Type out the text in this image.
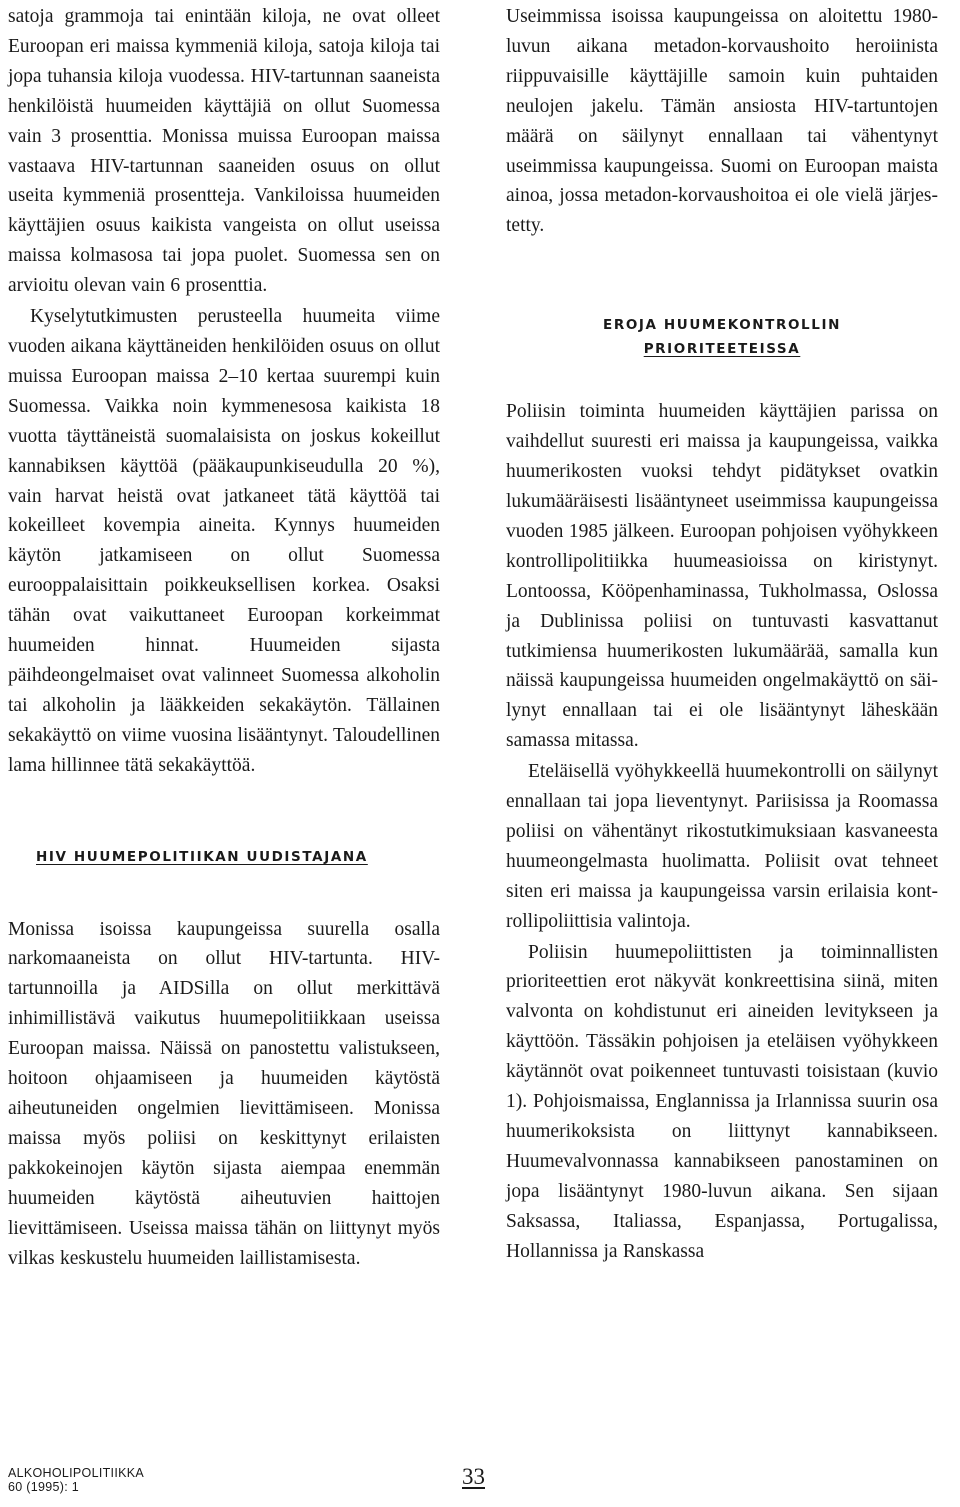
satoja grammoja tai enintään kiloja, ne ovat olleet Euroopan eri maissa kymmeniä kiloja, satoja kiloja tai jopa tuhansia kiloja vuodessa. HIV-tartunnan saaneista henkilöistä huumeiden käyttäjiä on ollut Suomessa vain 3 prosenttia. Monissa muissa Euroopan maissa vastaava HIV-tartunnan saaneiden osuus on ollut useita kymmeniä prosentteja. Vankiloissa huumeiden käyttäjien osuus kaikista vangeista on ollut useissa maissa kolmasosa tai jopa puolet. Suomessa sen on arvioitu olevan vain 6 prosenttia.

Kyselytutkimusten perusteella huumeita viime vuoden aikana käyttäneiden henkilöiden osuus on ollut muissa Euroopan maissa 2–10 kertaa suurempi kuin Suomessa. Vaikka noin kymmenesosa kaikista 18 vuotta täyttäneistä suomalaisista on joskus kokeillut kannabiksen käyttöä (pääkaupunkiseudulla 20 %), vain harvat heistä ovat jatkaneet tätä käyttöä tai kokeilleet kovempia aineita. Kynnys huumeiden käytön jatkamiseen on ollut Suomessa eurooppalaisittain poikkeuksellisen korkea. Osaksi tähän ovat vaikuttaneet Euroopan korkeimmat huumeiden hinnat. Huumeiden sijasta päihdeongelmaiset ovat valinneet Suomessa alkoholin tai alkoholin ja lääkkeiden sekakäytön. Tällainen sekakäyttö on viime vuosina lisääntynyt. Taloudellinen lama hillinnee tätä sekakäyttöä.

HIV HUUMEPOLITIIKAN UUDISTAJANA

Monissa isoissa kaupungeissa suurella osalla narkomaaneista on ollut HIV-tartunta. HIV-tartunnoilla ja AIDSilla on ollut merkittävä inhimillistävä vaikutus huumepolitiikkaan useissa Euroopan maissa. Näissä on panostettu valistukseen, hoitoon ohjaamiseen ja huumeiden käytöstä aiheutuneiden ongelmien lievittämiseen. Monissa maissa myös poliisi on keskittynyt erilaisten pakkokeinojen käytön sijasta aiempaa enemmän huumeiden käytöstä aiheutuvien haittojen lievittämiseen. Useissa maissa tähän on liittynyt myös vilkas keskustelu huumeiden laillistamisesta.

Useimmissa isoissa kaupungeissa on aloitettu 1980-luvun aikana metadon-korvaushoito heroiinista riippuvaisille käyttäjille samoin kuin puhtaiden neulojen jakelu. Tämän ansiosta HIV-tartuntojen määrä on säilynyt ennallaan tai vähentynyt useimmissa kaupungeissa. Suomi on Euroopan maista ainoa, jossa metadon-korvaushoitoa ei ole vielä järjestetty.

EROJA HUUMEKONTROLLIN
PRIORITEETEISSA

Poliisin toiminta huumeiden käyttäjien parissa on vaihdellut suuresti eri maissa ja kaupungeissa, vaikka huumerikosten vuoksi tehdyt pidätykset ovatkin lukumääräisesti lisääntyneet useimmissa kaupungeissa vuoden 1985 jälkeen. Euroopan pohjoisen vyöhykkeen kontrollipolitiikka huumeasioissa on kiristynyt. Lontoossa, Kööpenhaminassa, Tukholmassa, Oslossa ja Dublinissa poliisi on tuntuvasti kasvattanut tutkimiensa huumerikosten lukumäärää, samalla kun näissä kaupungeissa huumeiden ongelmakäyttö on säilynyt ennallaan tai ei ole lisääntynyt läheskään samassa mitassa.

Eteläisellä vyöhykkeellä huumekontrolli on säilynyt ennallaan tai jopa lieventynyt. Pariisissa ja Roomassa poliisi on vähentänyt rikostutkimuksiaan kasvaneesta huumeongelmasta huolimatta. Poliisit ovat tehneet siten eri maissa ja kaupungeissa varsin erilaisia kontrollipoliittisia valintoja.

Poliisin huumepoliittisten ja toiminnallisten prioriteettien erot näkyvät konkreettisina siinä, miten valvonta on kohdistunut eri aineiden levitykseen ja käyttöön. Tässäkin pohjoisen ja eteläisen vyöhykkeen käytännöt ovat poikenneet tuntuvasti toisistaan (kuvio 1). Pohjoismaissa, Englannissa ja Irlannissa suurin osa huumerikoksista on liittynyt kannabikseen. Huumevalvonnassa kannabikseen panostaminen on jopa lisääntynyt 1980-luvun aikana. Sen sijaan Saksassa, Italiassa, Espanjassa, Portugalissa, Hollannissa ja Ranskassa

ALKOHOLIPOLITIIKKA
60 (1995): 1	33
